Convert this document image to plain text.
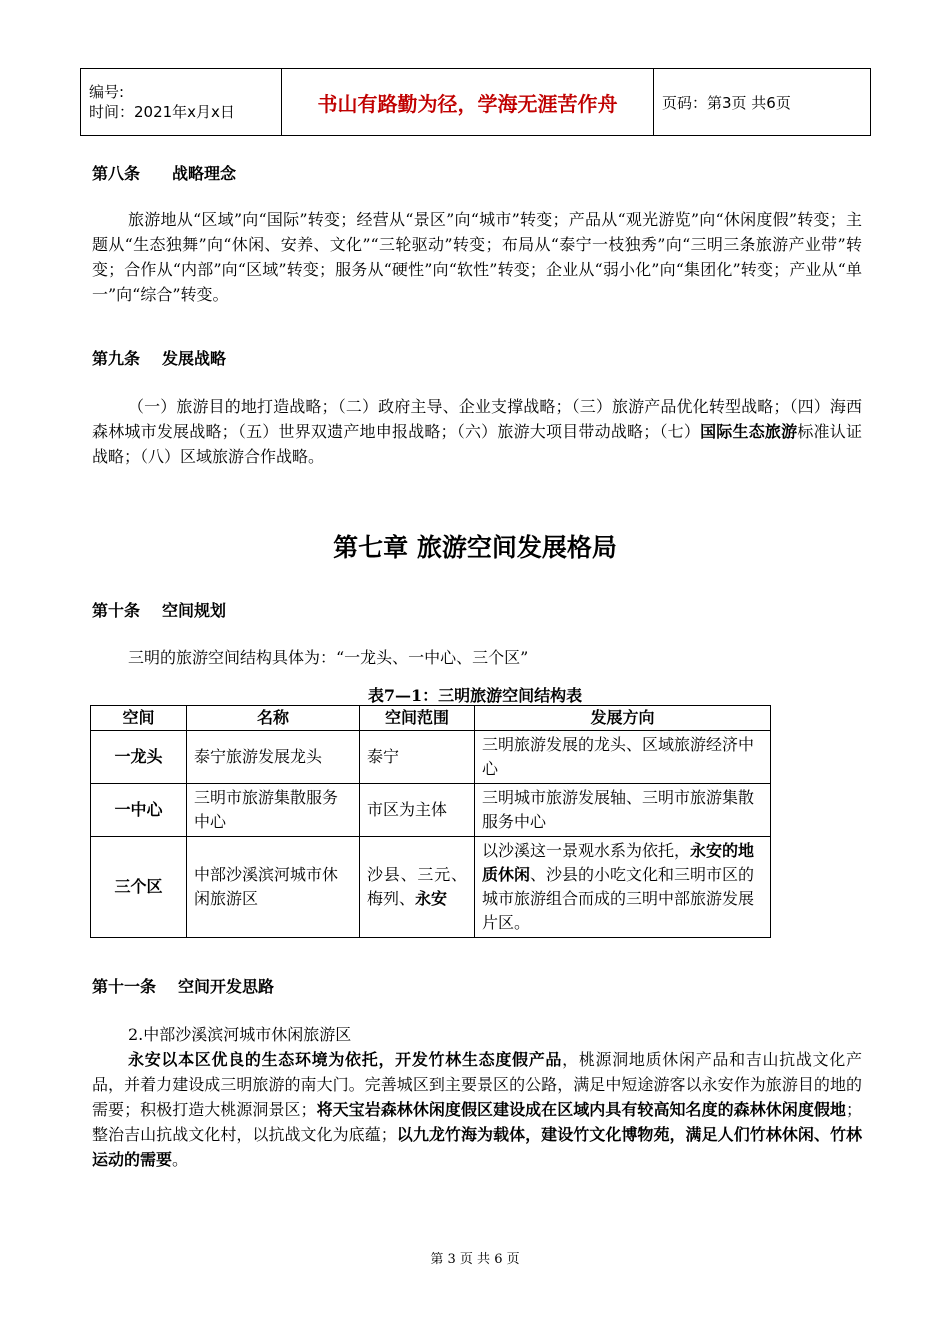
编号:
时间：2021年x月x日	书山有路勤为径，学海无涯苦作舟	页码：第3页 共6页
第八条 战略理念
旅游地从“区域”向“国际”转变；经营从“景区”向“城市”转变；产品从“观光游览”向“休闲度假”转变；主题从“生态独舞”向“休闲、安养、文化”“三轮驱动”转变；布局从“泰宁一枝独秀”向“三明三条旅游产业带”转变；合作从“内部”向“区域”转变；服务从“硬性”向“软性”转变；企业从“弱小化”向“集团化”转变；产业从“单一”向“综合”转变。
第九条 发展战略
（一）旅游目的地打造战略；（二）政府主导、企业支撑战略；（三）旅游产品优化转型战略；（四）海西森林城市发展战略；（五）世界双遗产地申报战略；（六）旅游大项目带动战略；（七）国际生态旅游标准认证战略；（八）区域旅游合作战略。
第七章 旅游空间发展格局
第十条 空间规划
三明的旅游空间结构具体为：“一龙头、一中心、三个区”
表7—1：三明旅游空间结构表
空间	名称	空间范围	发展方向
一龙头	泰宁旅游发展龙头	泰宁	三明旅游发展的龙头、区域旅游经济中心
一中心	三明市旅游集散服务中心	市区为主体	三明城市旅游发展轴、三明市旅游集散服务中心
三个区	中部沙溪滨河城市休闲旅游区	沙县、三元、梅列、永安	以沙溪这一景观水系为依托，永安的地质休闲、沙县的小吃文化和三明市区的城市旅游组合而成的三明中部旅游发展片区。
第十一条 空间开发思路
2.中部沙溪滨河城市休闲旅游区
永安以本区优良的生态环境为依托，开发竹林生态度假产品，桃源洞地质休闲产品和吉山抗战文化产品，并着力建设成三明旅游的南大门。完善城区到主要景区的公路，满足中短途游客以永安作为旅游目的地的需要；积极打造大桃源洞景区；将天宝岩森林休闲度假区建设成在区域内具有较高知名度的森林休闲度假地；整治吉山抗战文化村，以抗战文化为底蕴；以九龙竹海为载体，建设竹文化博物苑，满足人们竹林休闲、竹林运动的需要。
第 3 页 共 6 页
